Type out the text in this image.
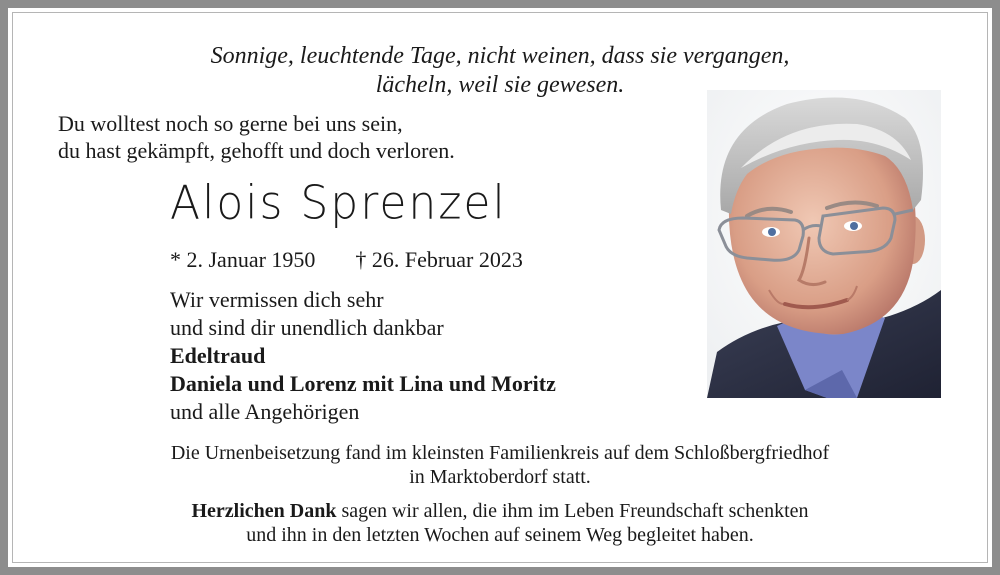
Sonnige, leuchtende Tage, nicht weinen, dass sie vergangen,
lächeln, weil sie gewesen.
Du wolltest noch so gerne bei uns sein,
du hast gekämpft, gehofft und doch verloren.
Alois Sprenzel
* 2. Januar 1950 † 26. Februar 2023
Wir vermissen dich sehr
und sind dir unendlich dankbar
Edeltraud
Daniela und Lorenz mit Lina und Moritz
und alle Angehörigen
Die Urnenbeisetzung fand im kleinsten Familienkreis auf dem Schloßbergfriedhof
in Marktoberdorf statt.
Herzlichen Dank sagen wir allen, die ihm im Leben Freundschaft schenkten
und ihn in den letzten Wochen auf seinem Weg begleitet haben.
